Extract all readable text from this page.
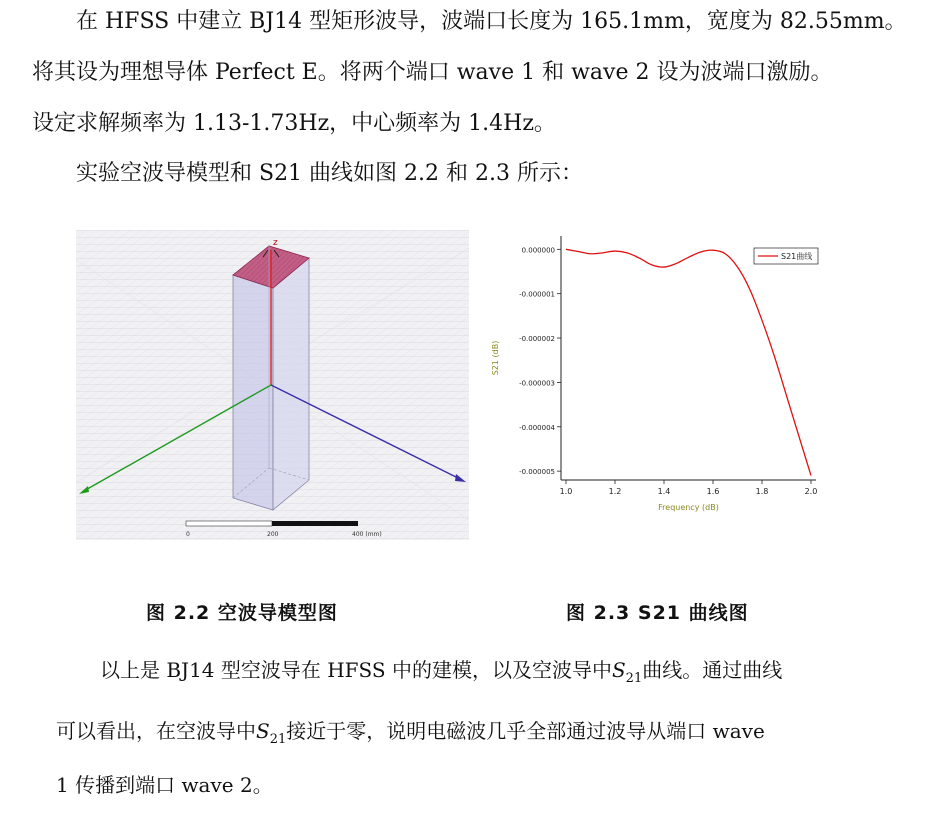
在 HFSS 中建立 BJ14 型矩形波导，波端口长度为 165.1mm，宽度为 82.55mm。

将其设为理想导体 Perfect E。将两个端口 wave 1 和 wave 2 设为波端口激励。

设定求解频率为 1.13-1.73Hz，中心频率为 1.4Hz。

实验空波导模型和 S21 曲线如图 2.2 和 2.3 所示：

z
0	200	400 (mm)
1.0	1.2	1.4	1.6	1.8	2.0
0.000000
-0.000001
-0.000002
-0.000003
-0.000004
-0.000005
S21曲线
Frequency (dB)
S21 (dB)

图 2.2 空波导模型图	图 2.3 S21 曲线图

以上是 BJ14 型空波导在 HFSS 中的建模，以及空波导中$S_{21}$曲线。通过曲线

可以看出，在空波导中$S_{21}$接近于零，说明电磁波几乎全部通过波导从端口 wave

1 传播到端口 wave 2。
